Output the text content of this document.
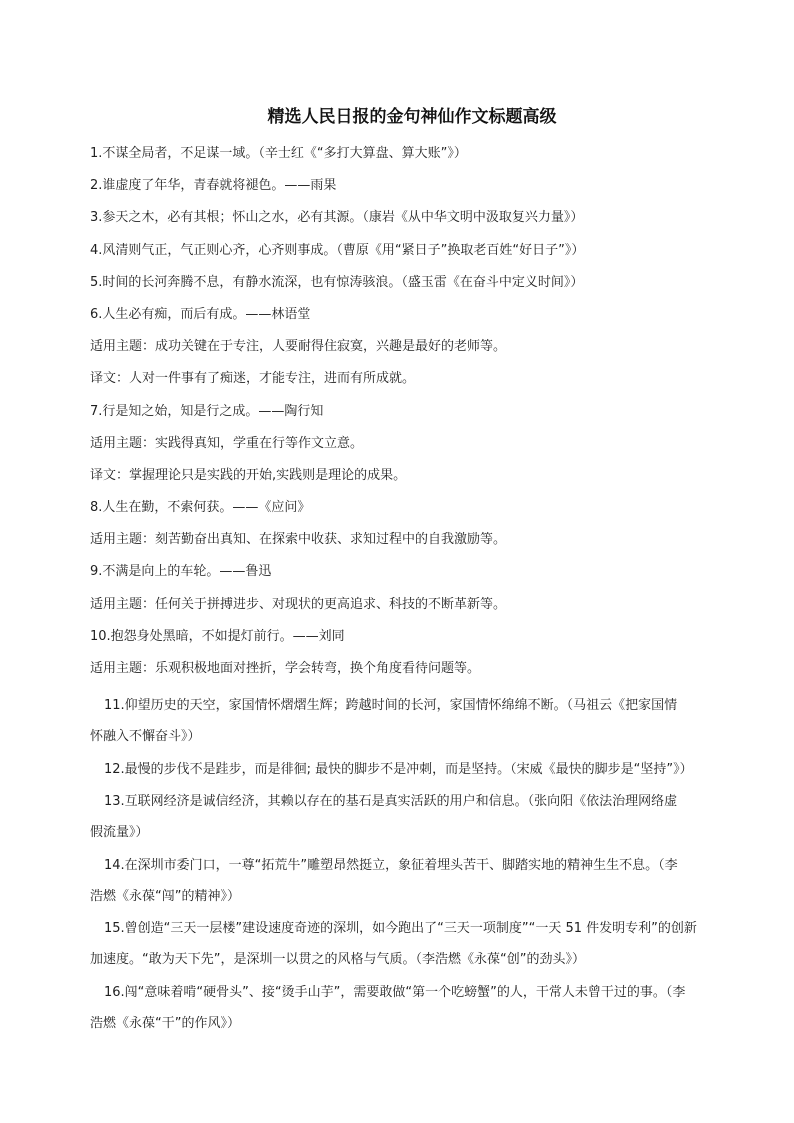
精选人民日报的金句神仙作文标题高级
1.不谋全局者，不足谋一域。（辛士红《“多打大算盘、算大账”》）
2.谁虚度了年华，青春就将褪色。——雨果
3.参天之木，必有其根；怀山之水，必有其源。（康岩《从中华文明中汲取复兴力量》）
4.风清则气正，气正则心齐，心齐则事成。（曹原《用“紧日子”换取老百姓“好日子”》）
5.时间的长河奔腾不息，有静水流深，也有惊涛骇浪。（盛玉雷《在奋斗中定义时间》）
6.人生必有痴，而后有成。——林语堂
适用主题：成功关键在于专注，人要耐得住寂寞，兴趣是最好的老师等。
译文：人对一件事有了痴迷，才能专注，进而有所成就。
7.行是知之始，知是行之成。——陶行知
适用主题：实践得真知，学重在行等作文立意。
译文：掌握理论只是实践的开始,实践则是理论的成果。
8.人生在勤，不索何获。——《应问》
适用主题：刻苦勤奋出真知、在探索中收获、求知过程中的自我激励等。
9.不满是向上的车轮。——鲁迅
适用主题：任何关于拼搏进步、对现状的更高追求、科技的不断革新等。
10.抱怨身处黑暗，不如提灯前行。——刘同
适用主题：乐观积极地面对挫折，学会转弯，换个角度看待问题等。
11.仰望历史的天空，家国情怀熠熠生辉；跨越时间的长河，家国情怀绵绵不断。（马祖云《把家国情
怀融入不懈奋斗》）
12.最慢的步伐不是跬步，而是徘徊; 最快的脚步不是冲刺，而是坚持。（宋威《最快的脚步是“坚持”》）
13.互联网经济是诚信经济，其赖以存在的基石是真实活跃的用户和信息。（张向阳《依法治理网络虚
假流量》）
14.在深圳市委门口，一尊“拓荒牛”雕塑昂然挺立，象征着埋头苦干、脚踏实地的精神生生不息。（李
浩燃《永葆“闯”的精神》）
15.曾创造“三天一层楼”建设速度奇迹的深圳，如今跑出了“三天一项制度”“一天 51 件发明专利”的创新
加速度。“敢为天下先”，是深圳一以贯之的风格与气质。（李浩燃《永葆“创”的劲头》）
16.闯“意味着啃“硬骨头”、接“烫手山芋”，需要敢做“第一个吃螃蟹”的人，干常人未曾干过的事。（李
浩燃《永葆“干”的作风》）
